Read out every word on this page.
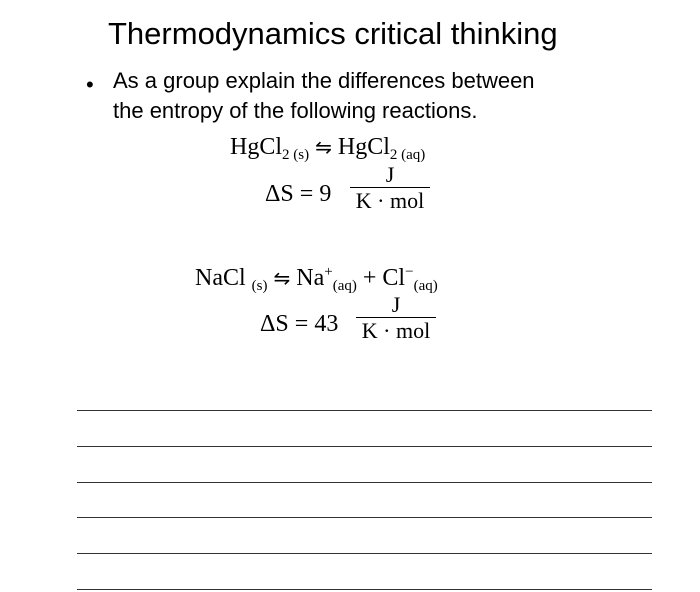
Thermodynamics critical thinking
• As a group explain the differences between
the entropy of the following reactions.
HgCl$_{2 (s)}$ ⇋ HgCl$_{2 (aq)}$
ΔS = 9
J
K · mol
NaCl $_{(s)}$ ⇋ $Na^+_{(aq)} + Cl^-_{(aq)}$
ΔS = 43
J
K · mol
